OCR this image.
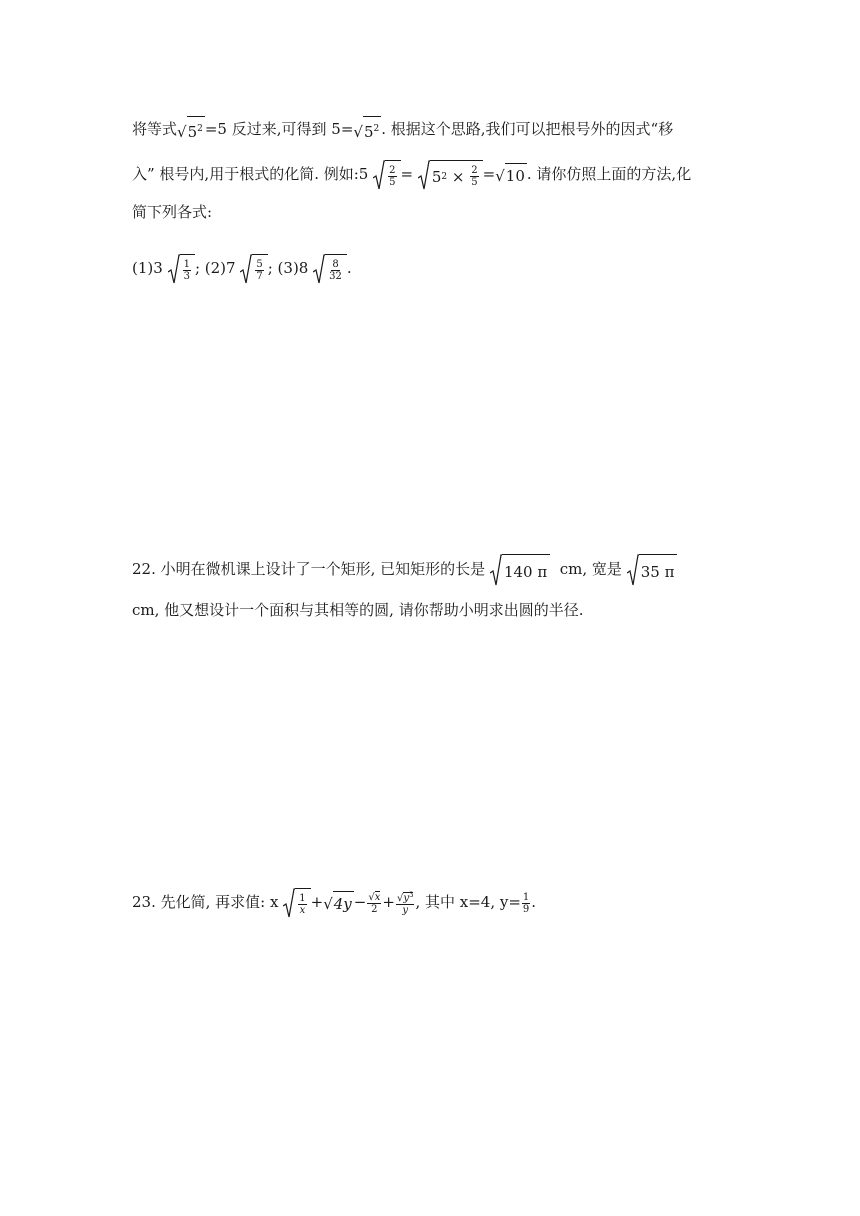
将等式$√5^2 =5$ 反过来,可得到 $5=√5^2$ . 根据这个思路,我们可以把根号外的因式“移
入” 根号内,用于根式的化简. 例如:5 $\frac{2}{5} = 5$ 2
×
$\frac{2}{5} =√10$ . 请你仿照上面的方法,化
简下列各式:
$(1)3 \frac{1}{3}$ ; $(2)7 \frac{5}{7}$ ; $(3)8 \frac{8}{32}$ .
22. 小明在微机课上设计了一个矩形, 已知矩形的长是 140 π cm, 宽是 35 π
cm, 他又想设计一个面积与其相等的圆, 请你帮助小明求出圆的半径.
23. 先化简, 再求值: x $\frac{1}{x} +√4y - \frac{√x}{2} + \frac{√y^3}{y}$ , 其中 x=4, $y= \frac{1}{9}$ .
